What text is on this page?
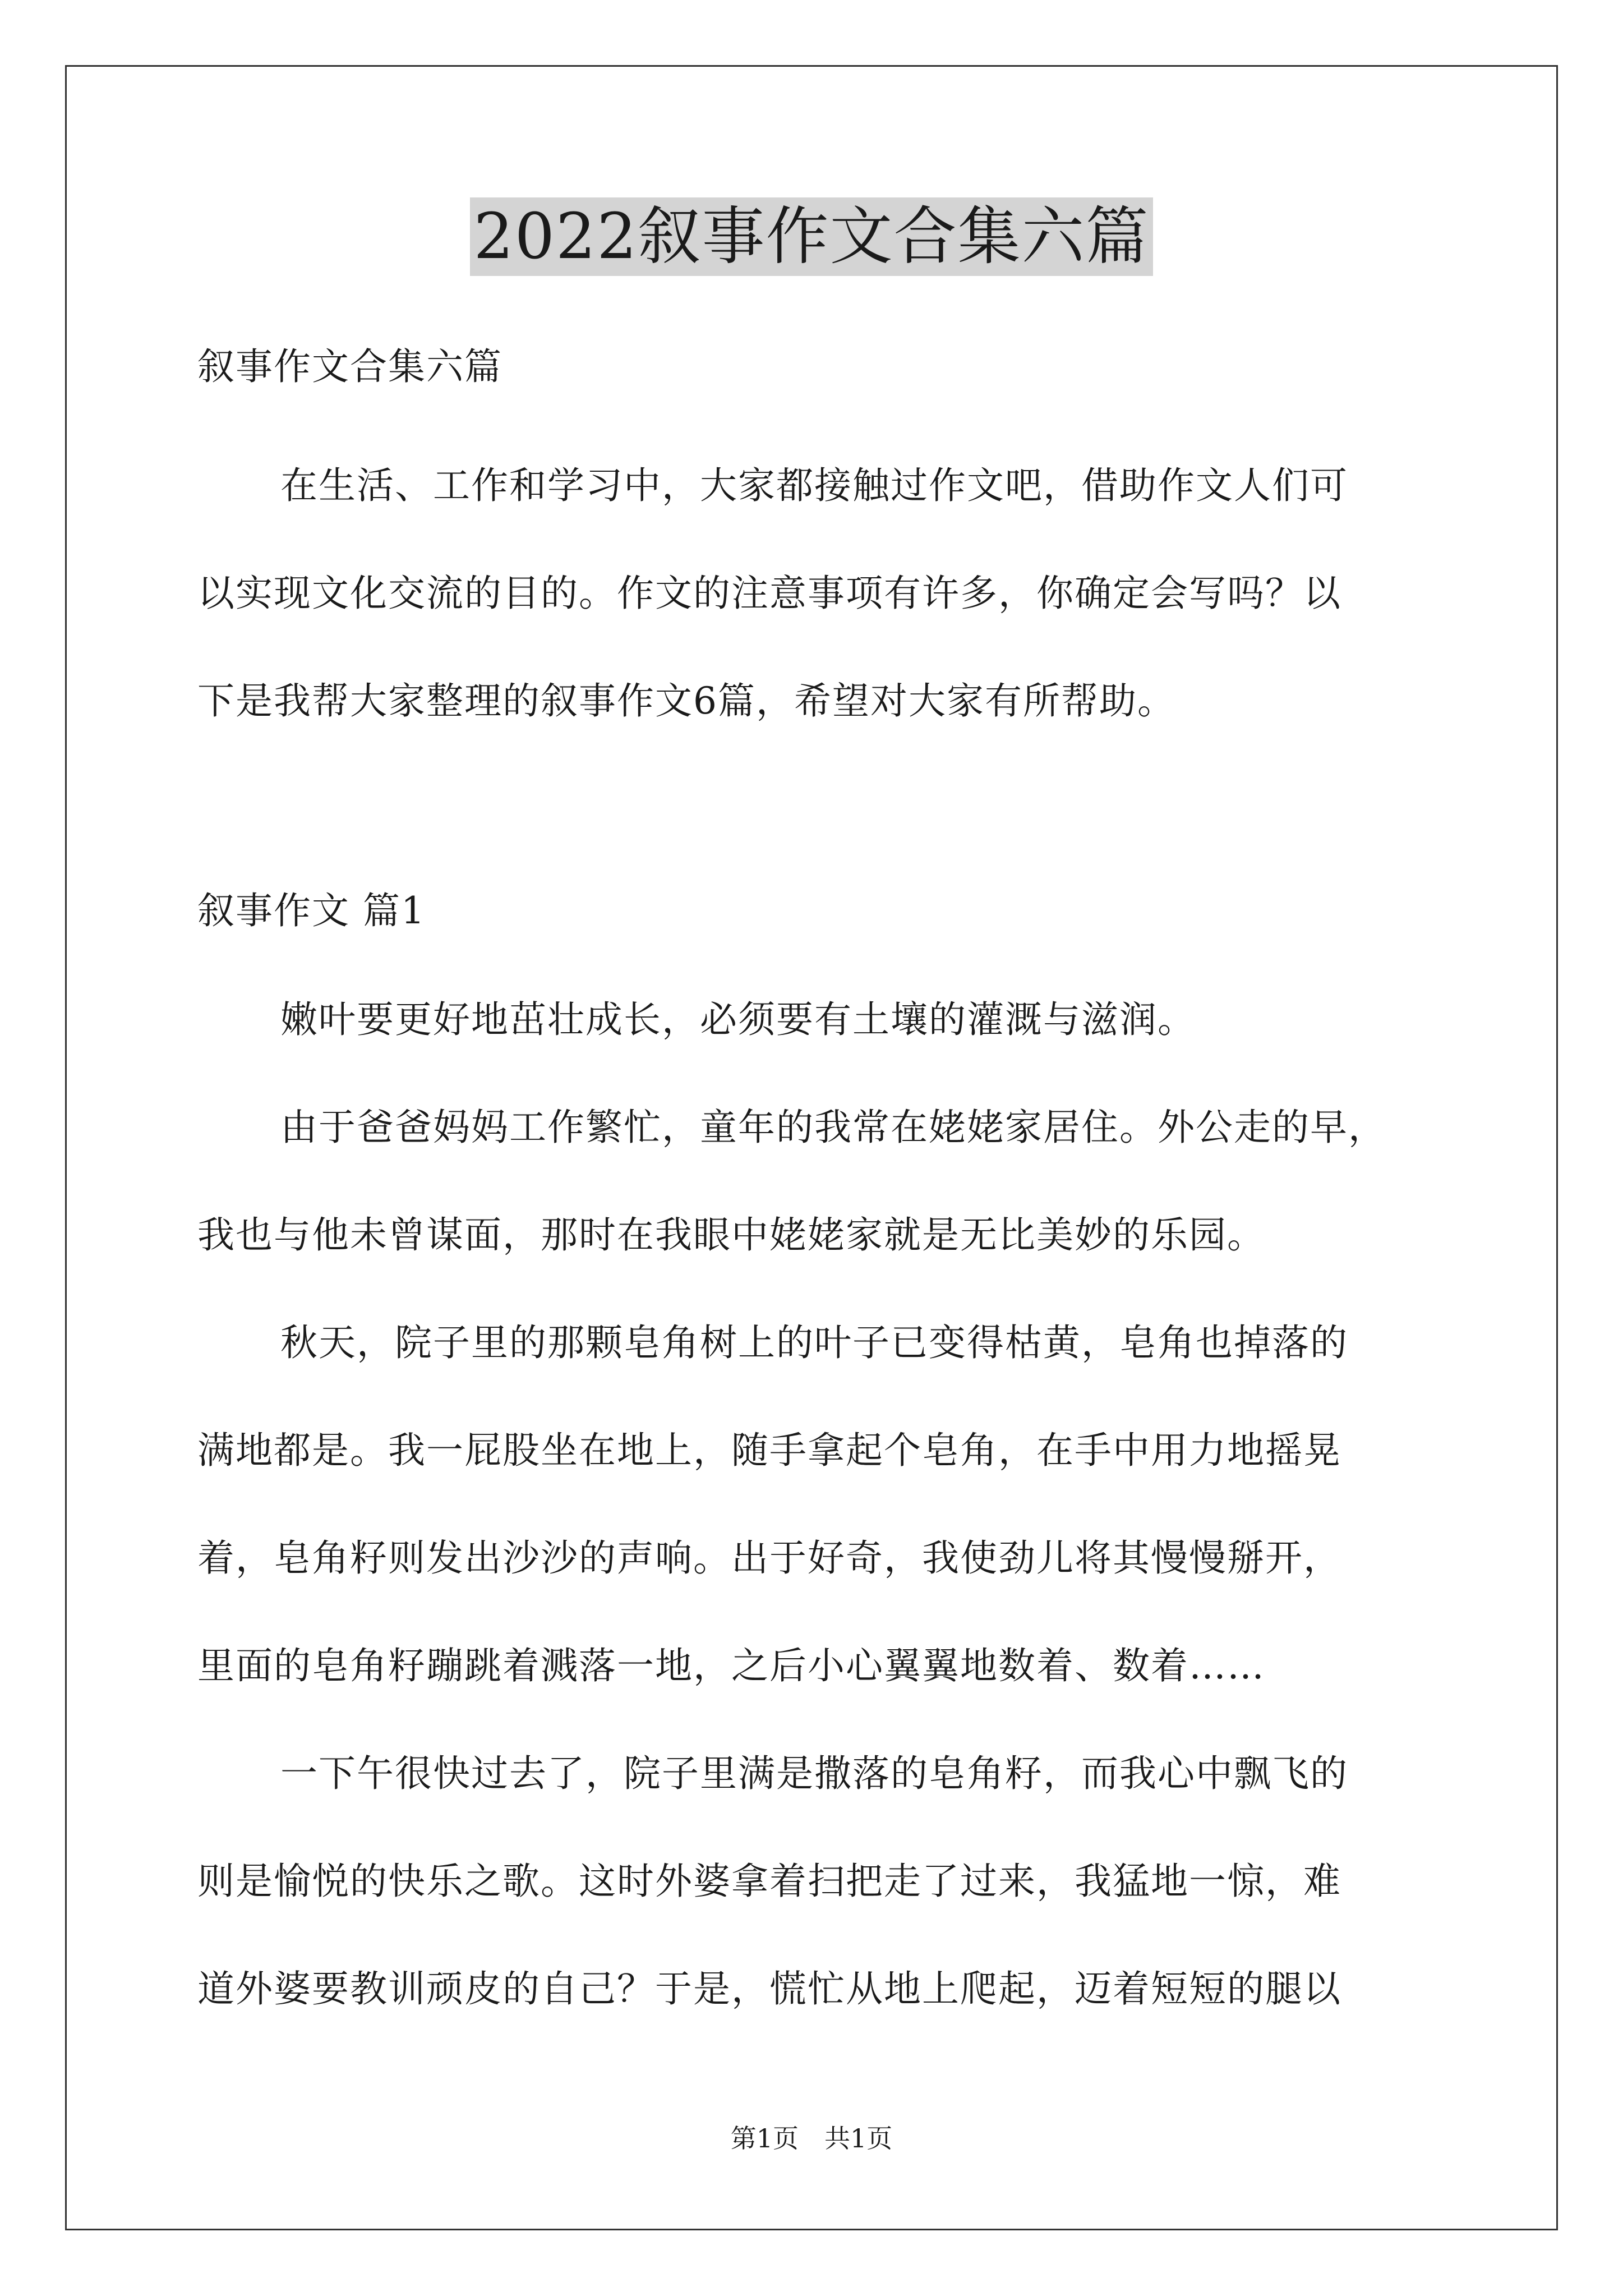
2022叙事作文合集六篇
叙事作文合集六篇
在生活、工作和学习中，大家都接触过作文吧，借助作文人们可
以实现文化交流的目的。作文的注意事项有许多，你确定会写吗？以
下是我帮大家整理的叙事作文6篇，希望对大家有所帮助。
叙事作文 篇1
嫩叶要更好地茁壮成长，必须要有土壤的灌溉与滋润。
由于爸爸妈妈工作繁忙，童年的我常在姥姥家居住。外公走的早，
我也与他未曾谋面，那时在我眼中姥姥家就是无比美妙的乐园。
秋天，院子里的那颗皂角树上的叶子已变得枯黄，皂角也掉落的
满地都是。我一屁股坐在地上，随手拿起个皂角，在手中用力地摇晃
着，皂角籽则发出沙沙的声响。出于好奇，我使劲儿将其慢慢掰开，
里面的皂角籽蹦跳着溅落一地，之后小心翼翼地数着、数着……
一下午很快过去了，院子里满是撒落的皂角籽，而我心中飘飞的
则是愉悦的快乐之歌。这时外婆拿着扫把走了过来，我猛地一惊，难
道外婆要教训顽皮的自己？于是，慌忙从地上爬起，迈着短短的腿以
第1页　共1页
